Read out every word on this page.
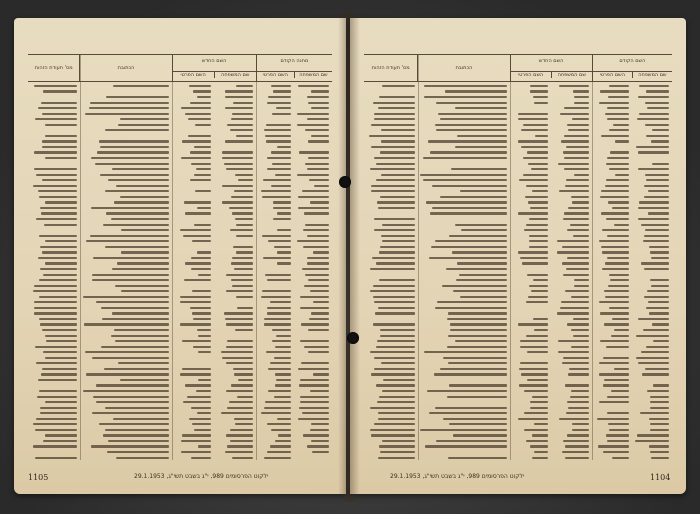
מחנה הקודם
שם המשפחה
השם הפרטי
השם החדש
שם המשפחה
השם הפרטי
הכתובת
מס' תעודת הזהות
ילקוט הפרסומים 989, י"ג בשבט תשי"ג, 29.1.1953
1105
השם הקודם
שם המשפחה
השם הפרטי
השם החדש
שם המשפחה
השם הפרטי
הכתובת
מס' תעודת הזהות
ילקוט הפרסומים 989, י"ג בשבט תשי"ג, 29.1.1953	1104
